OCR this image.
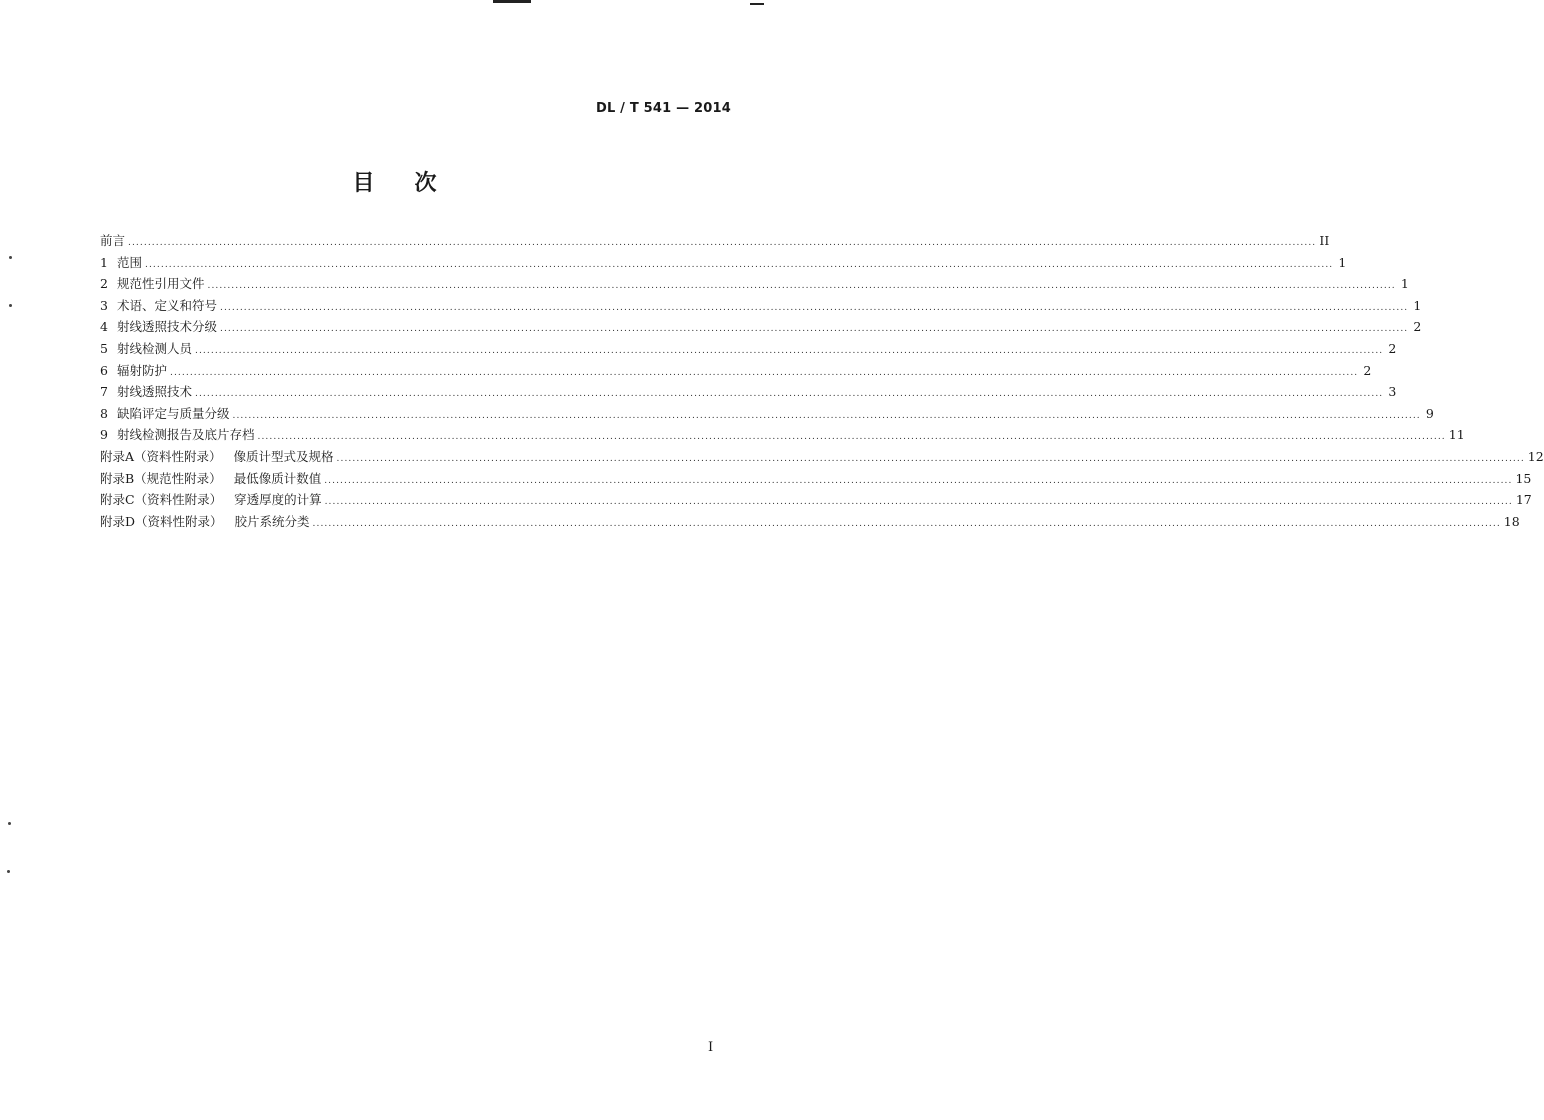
DL / T 541 — 2014
目 次
前言 ............................................................................................................................................................................................................................................................................................................ II
1 范围 ............................................................................................................................................................................................................................................................................................................ 1
2 规范性引用文件 ............................................................................................................................................................................................................................................................................................................ 1
3 术语、定义和符号 ............................................................................................................................................................................................................................................................................................................ 1
4 射线透照技术分级 ............................................................................................................................................................................................................................................................................................................ 2
5 射线检测人员 ............................................................................................................................................................................................................................................................................................................ 2
6 辐射防护 ............................................................................................................................................................................................................................................................................................................ 2
7 射线透照技术 ............................................................................................................................................................................................................................................................................................................ 3
8 缺陷评定与质量分级 ............................................................................................................................................................................................................................................................................................................ 9
9 射线检测报告及底片存档 ............................................................................................................................................................................................................................................................................................................ 11
附录A（资料性附录） 像质计型式及规格 ............................................................................................................................................................................................................................................................................................................ 12
附录B（规范性附录） 最低像质计数值 ............................................................................................................................................................................................................................................................................................................ 15
附录C（资料性附录） 穿透厚度的计算 ............................................................................................................................................................................................................................................................................................................ 17
附录D（资料性附录） 胶片系统分类 ............................................................................................................................................................................................................................................................................................................ 18
I
